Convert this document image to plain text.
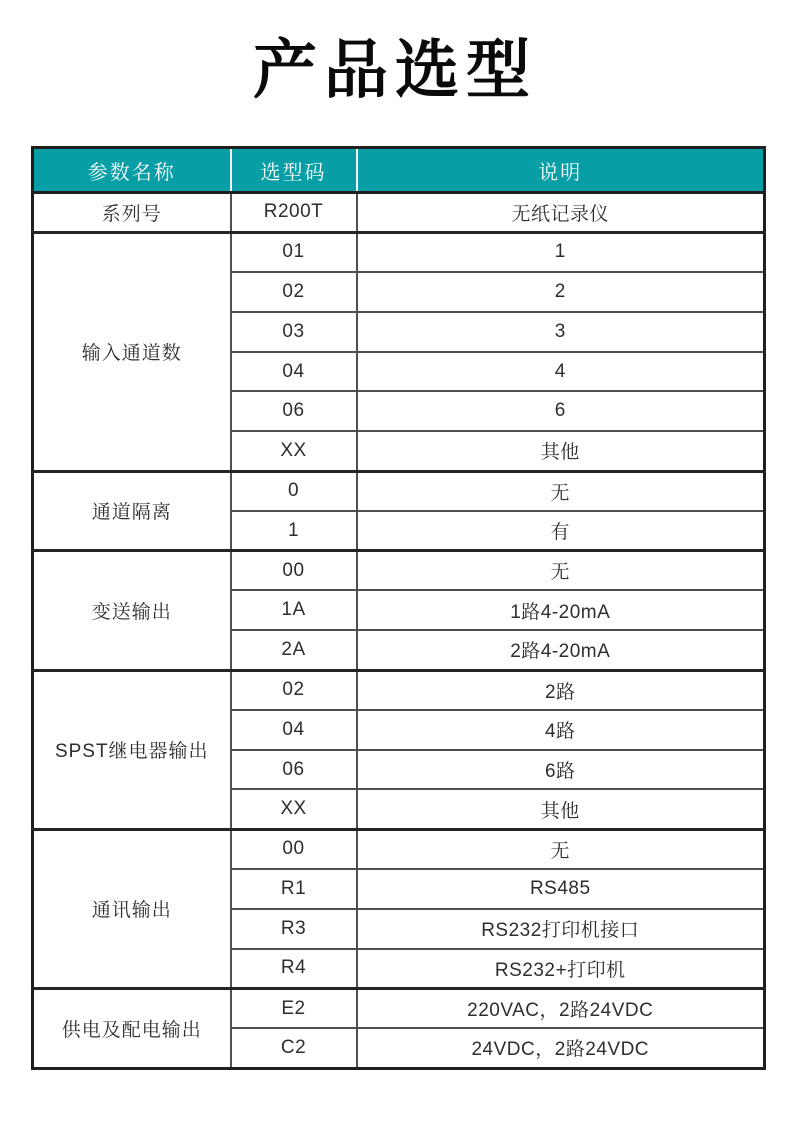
产品选型
参数名称	选型码	说明
系列号	R200T	无纸记录仪
输入通道数	01	1
	02	2
	03	3
	04	4
	06	6
	XX	其他
通道隔离	0	无
	1	有
变送输出	00	无
	1A	1路4-20mA
	2A	2路4-20mA
SPST继电器输出	02	2路
	04	4路
	06	6路
	XX	其他
通讯输出	00	无
	R1	RS485
	R3	RS232打印机接口
	R4	RS232+打印机
供电及配电输出	E2	220VAC，2路24VDC
	C2	24VDC，2路24VDC
